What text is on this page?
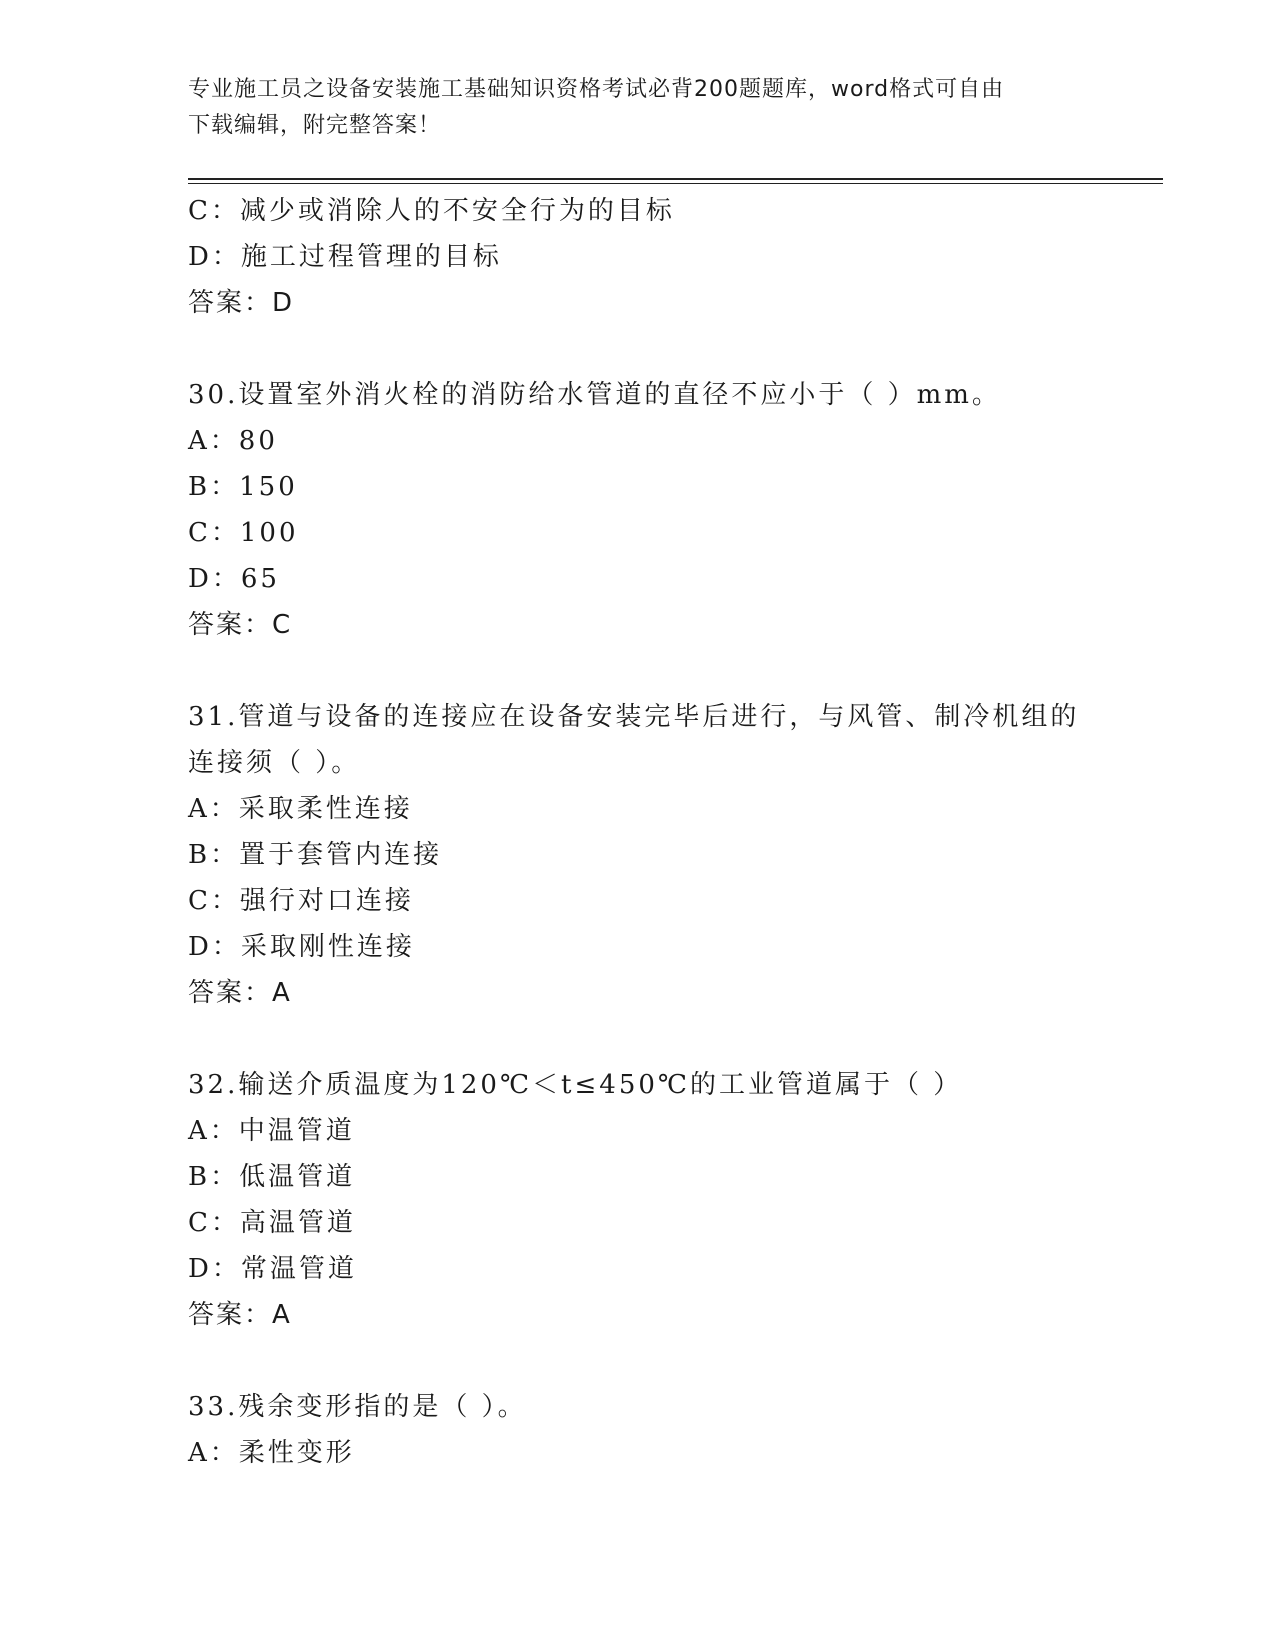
专业施工员之设备安装施工基础知识资格考试必背200题题库，word格式可自由
下载编辑，附完整答案！
C：减少或消除人的不安全行为的目标
D：施工过程管理的目标
答案：D
30.设置室外消火栓的消防给水管道的直径不应小于（ ）mm。
A：80
B：150
C：100
D：65
答案：C
31.管道与设备的连接应在设备安装完毕后进行，与风管、制冷机组的
连接须（ ）。
A：采取柔性连接
B：置于套管内连接
C：强行对口连接
D：采取刚性连接
答案：A
32.输送介质温度为120℃＜t≤450℃的工业管道属于（ ）
A：中温管道
B：低温管道
C：高温管道
D：常温管道
答案：A
33.残余变形指的是（ ）。
A：柔性变形
